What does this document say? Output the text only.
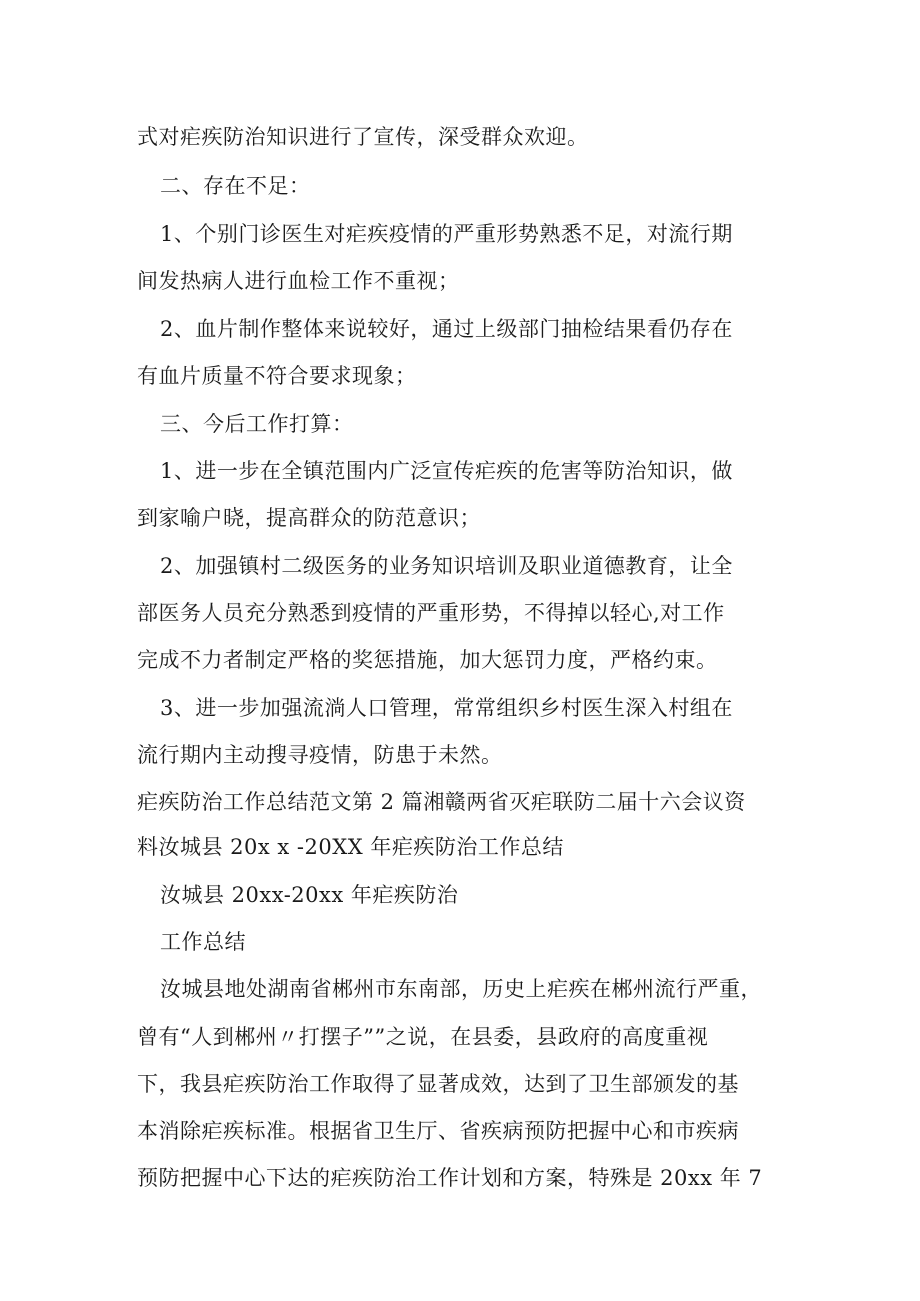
式对疟疾防治知识进行了宣传，深受群众欢迎。
二、存在不足：
1、个别门诊医生对疟疾疫情的严重形势熟悉不足，对流行期
间发热病人进行血检工作不重视；
2、血片制作整体来说较好，通过上级部门抽检结果看仍存在
有血片质量不符合要求现象；
三、今后工作打算：
1、进一步在全镇范围内广泛宣传疟疾的危害等防治知识，做
到家喻户晓，提高群众的防范意识；
2、加强镇村二级医务的业务知识培训及职业道德教育，让全
部医务人员充分熟悉到疫情的严重形势，不得掉以轻心,对工作
完成不力者制定严格的奖惩措施，加大惩罚力度，严格约束。
3、进一步加强流淌人口管理，常常组织乡村医生深入村组在
流行期内主动搜寻疫情，防患于未然。
疟疾防治工作总结范文第 2 篇湘赣两省灭疟联防二届十六会议资
料汝城县 20x x -20XX 年疟疾防治工作总结
汝城县 20xx-20xx 年疟疾防治
工作总结
汝城县地处湖南省郴州市东南部，历史上疟疾在郴州流行严重，
曾有“人到郴州〃打摆子””之说，在县委，县政府的高度重视
下，我县疟疾防治工作取得了显著成效，达到了卫生部颁发的基
本消除疟疾标准。根据省卫生厅、省疾病预防把握中心和市疾病
预防把握中心下达的疟疾防治工作计划和方案，特殊是 20xx 年 7
